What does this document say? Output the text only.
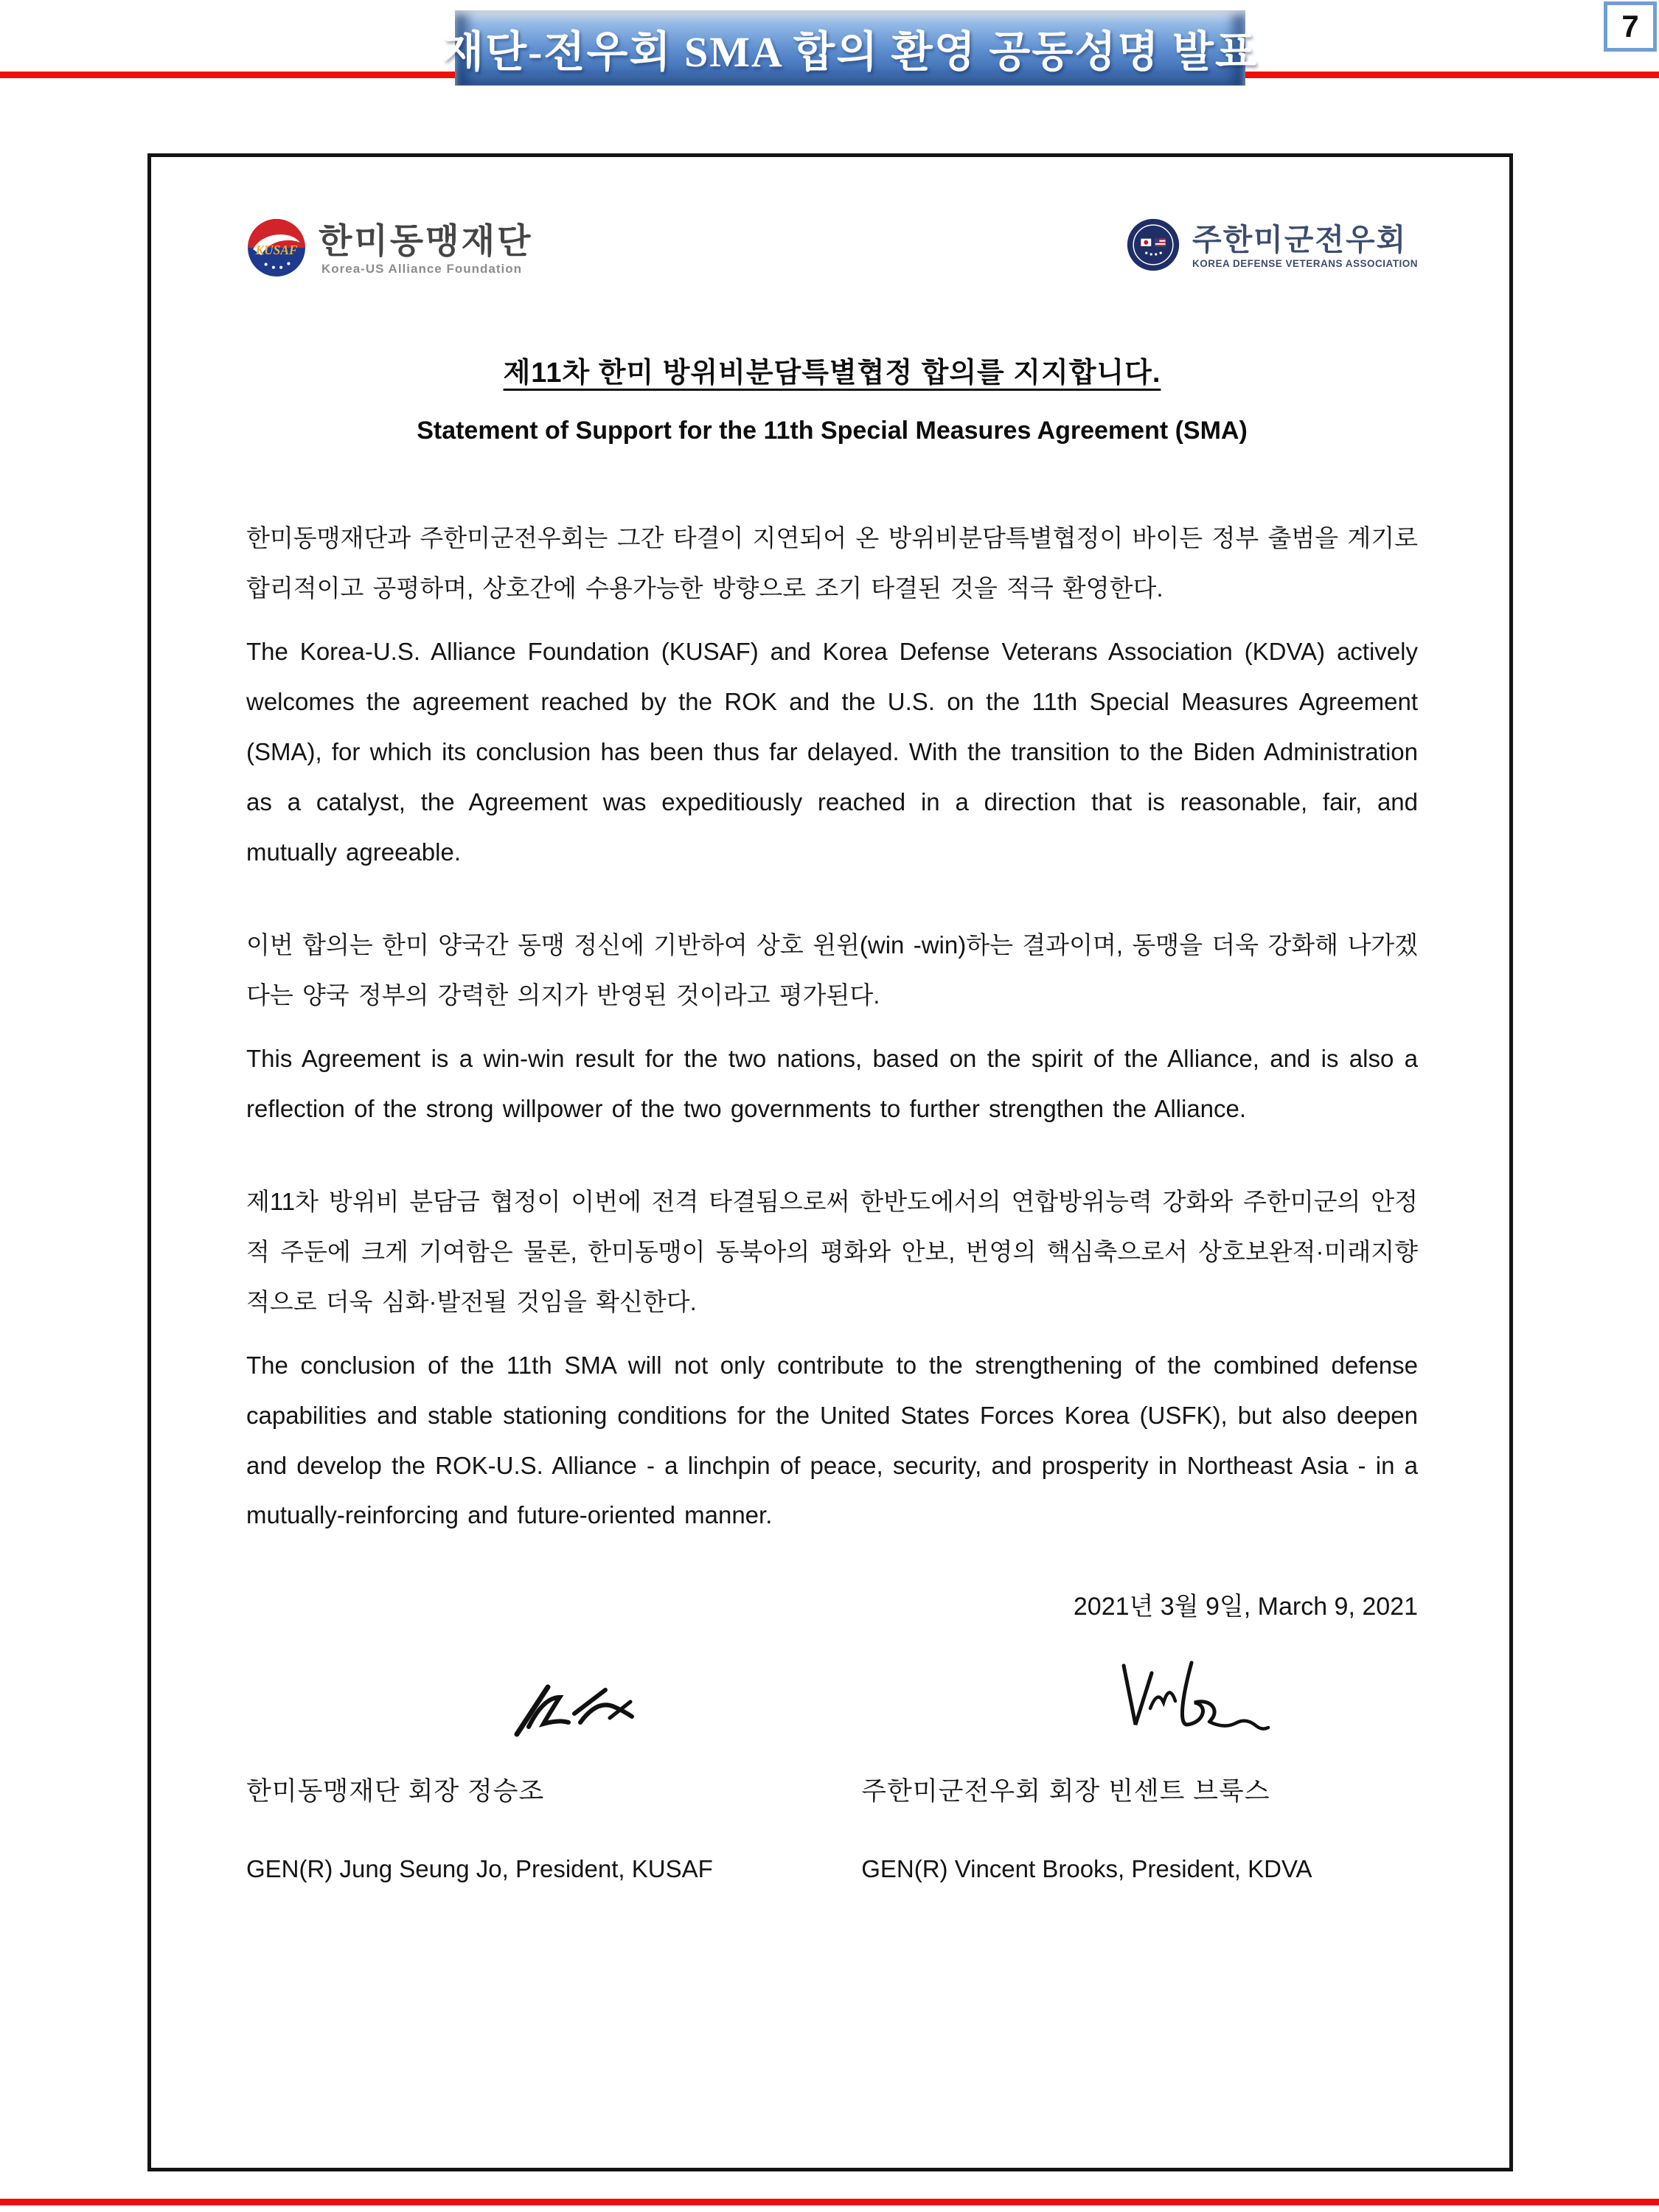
재단-전우회 SMA 합의 환영 공동성명 발표
7
KUSAF 한미동맹재단
Korea-US Alliance Foundation
주한미군전우회
KOREA DEFENSE VETERANS ASSOCIATION
제11차 한미 방위비분담특별협정 합의를 지지합니다.
Statement of Support for the 11th Special Measures Agreement (SMA)

한미동맹재단과 주한미군전우회는 그간 타결이 지연되어 온 방위비분담특별협정이 바이든 정부 출범을 계기로 합리적이고 공평하며, 상호간에 수용가능한 방향으로 조기 타결된 것을 적극 환영한다.

The Korea-U.S. Alliance Foundation (KUSAF) and Korea Defense Veterans Association (KDVA) actively welcomes the agreement reached by the ROK and the U.S. on the 11th Special Measures Agreement (SMA), for which its conclusion has been thus far delayed. With the transition to the Biden Administration as a catalyst, the Agreement was expeditiously reached in a direction that is reasonable, fair, and mutually agreeable.

이번 합의는 한미 양국간 동맹 정신에 기반하여 상호 윈윈(win -win)하는 결과이며, 동맹을 더욱 강화해 나가겠다는 양국 정부의 강력한 의지가 반영된 것이라고 평가된다.

This Agreement is a win-win result for the two nations, based on the spirit of the Alliance, and is also a reflection of the strong willpower of the two governments to further strengthen the Alliance.

제11차 방위비 분담금 협정이 이번에 전격 타결됨으로써 한반도에서의 연합방위능력 강화와 주한미군의 안정적 주둔에 크게 기여함은 물론, 한미동맹이 동북아의 평화와 안보, 번영의 핵심축으로서 상호보완적·미래지향적으로 더욱 심화·발전될 것임을 확신한다.

The conclusion of the 11th SMA will not only contribute to the strengthening of the combined defense capabilities and stable stationing conditions for the United States Forces Korea (USFK), but also deepen and develop the ROK-U.S. Alliance - a linchpin of peace, security, and prosperity in Northeast Asia - in a mutually-reinforcing and future-oriented manner.

2021년 3월 9일, March 9, 2021
한미동맹재단 회장 정승조
GEN(R) Jung Seung Jo, President, KUSAF
주한미군전우회 회장 빈센트 브룩스
GEN(R) Vincent Brooks, President, KDVA
